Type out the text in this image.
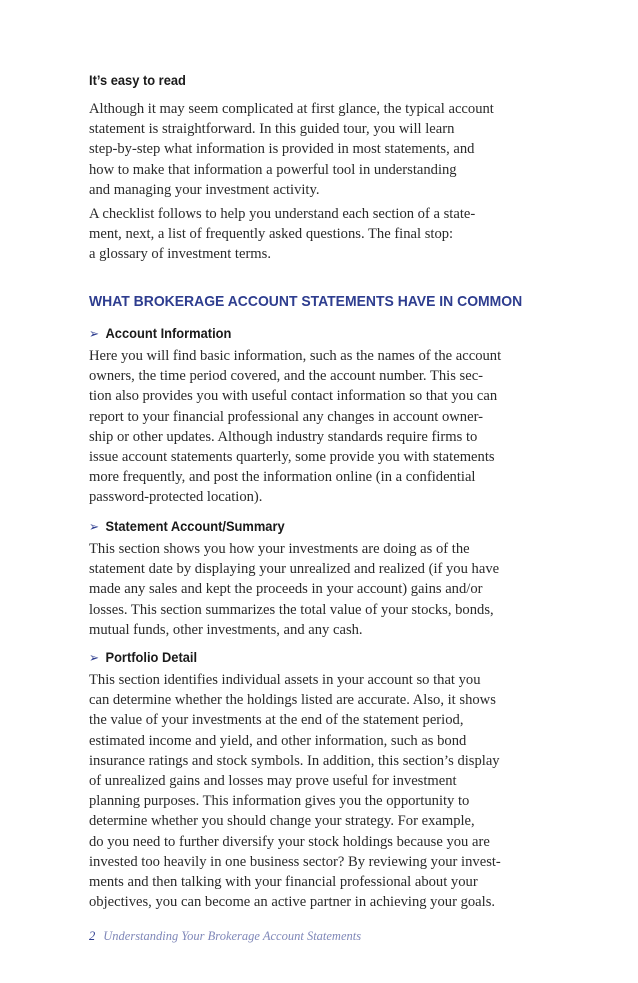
It’s easy to read

Although it may seem complicated at first glance, the typical account

statement is straightforward. In this guided tour, you will learn

step-by-step what information is provided in most statements, and

how to make that information a powerful tool in understanding

and managing your investment activity.

A checklist follows to help you understand each section of a state-

ment, next, a list of frequently asked questions. The final stop:

a glossary of investment terms.

WHAT BROKERAGE ACCOUNT STATEMENTS HAVE IN COMMON

➢ Account Information

Here you will find basic information, such as the names of the account

owners, the time period covered, and the account number. This sec-

tion also provides you with useful contact information so that you can

report to your financial professional any changes in account owner-

ship or other updates. Although industry standards require firms to

issue account statements quarterly, some provide you with statements

more frequently, and post the information online (in a confidential

password-protected location).

➢ Statement Account/Summary

This section shows you how your investments are doing as of the

statement date by displaying your unrealized and realized (if you have

made any sales and kept the proceeds in your account) gains and/or

losses. This section summarizes the total value of your stocks, bonds,

mutual funds, other investments, and any cash.

➢ Portfolio Detail

This section identifies individual assets in your account so that you

can determine whether the holdings listed are accurate. Also, it shows

the value of your investments at the end of the statement period,

estimated income and yield, and other information, such as bond

insurance ratings and stock symbols. In addition, this section’s display

of unrealized gains and losses may prove useful for investment

planning purposes. This information gives you the opportunity to

determine whether you should change your strategy. For example,

do you need to further diversify your stock holdings because you are

invested too heavily in one business sector? By reviewing your invest-

ments and then talking with your financial professional about your

objectives, you can become an active partner in achieving your goals.

2 Understanding Your Brokerage Account Statements
